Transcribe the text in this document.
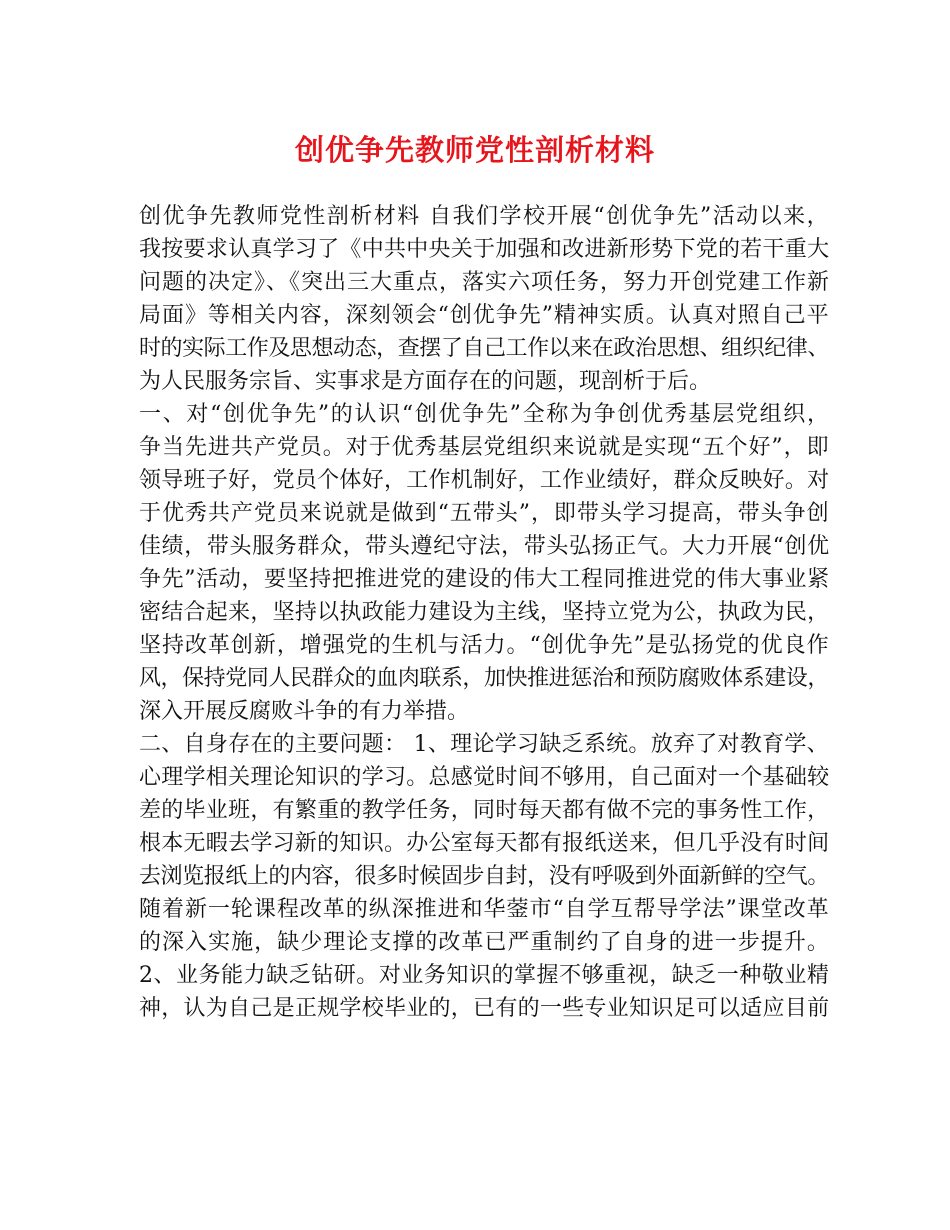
创优争先教师党性剖析材料
创优争先教师党性剖析材料 自我们学校开展“创优争先”活动以来，
我按要求认真学习了《中共中央关于加强和改进新形势下党的若干重大
问题的决定》、《突出三大重点，落实六项任务，努力开创党建工作新
局面》等相关内容，深刻领会“创优争先”精神实质。认真对照自己平
时的实际工作及思想动态，查摆了自己工作以来在政治思想、组织纪律、
为人民服务宗旨、实事求是方面存在的问题，现剖析于后。
一、对“创优争先”的认识“创优争先”全称为争创优秀基层党组织，
争当先进共产党员。对于优秀基层党组织来说就是实现“五个好”，即
领导班子好，党员个体好，工作机制好，工作业绩好，群众反映好。对
于优秀共产党员来说就是做到“五带头”，即带头学习提高，带头争创
佳绩，带头服务群众，带头遵纪守法，带头弘扬正气。大力开展“创优
争先”活动，要坚持把推进党的建设的伟大工程同推进党的伟大事业紧
密结合起来，坚持以执政能力建设为主线，坚持立党为公，执政为民，
坚持改革创新，增强党的生机与活力。“创优争先”是弘扬党的优良作
风，保持党同人民群众的血肉联系，加快推进惩治和预防腐败体系建设，
深入开展反腐败斗争的有力举措。
二、自身存在的主要问题： 1、理论学习缺乏系统。放弃了对教育学、
心理学相关理论知识的学习。总感觉时间不够用，自己面对一个基础较
差的毕业班，有繁重的教学任务，同时每天都有做不完的事务性工作，
根本无暇去学习新的知识。办公室每天都有报纸送来，但几乎没有时间
去浏览报纸上的内容，很多时候固步自封，没有呼吸到外面新鲜的空气。
随着新一轮课程改革的纵深推进和华蓥市“自学互帮导学法”课堂改革
的深入实施，缺少理论支撑的改革已严重制约了自身的进一步提升。
2、业务能力缺乏钻研。对业务知识的掌握不够重视，缺乏一种敬业精
神，认为自己是正规学校毕业的，已有的一些专业知识足可以适应目前
